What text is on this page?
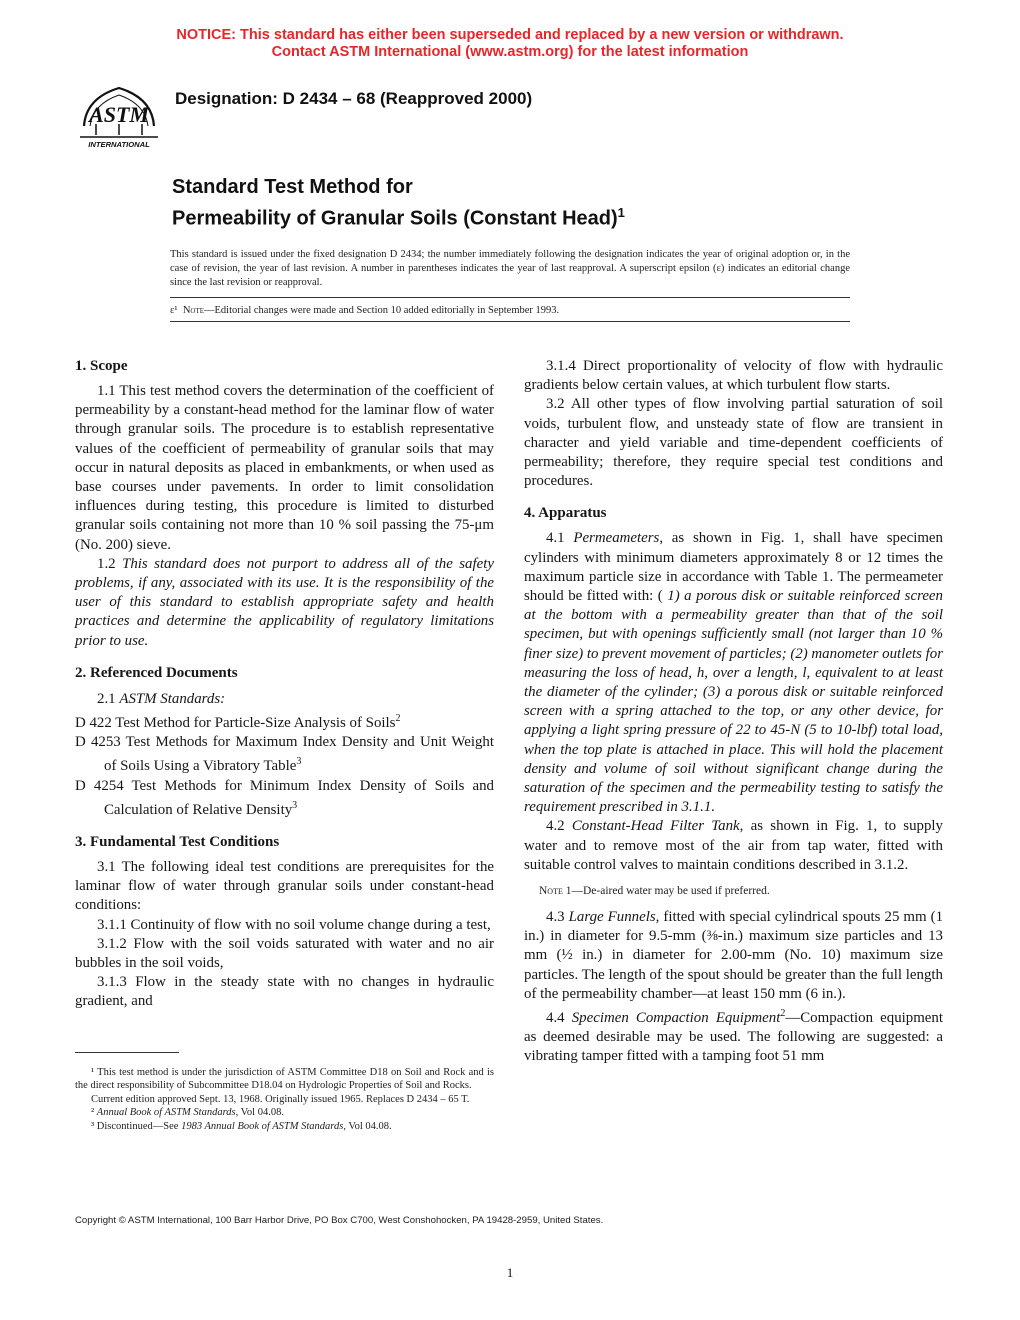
NOTICE: This standard has either been superseded and replaced by a new version or withdrawn.
Contact ASTM International (www.astm.org) for the latest information
ASTM
INTERNATIONAL
Designation: D 2434 – 68 (Reapproved 2000)
Standard Test Method for
Permeability of Granular Soils (Constant Head)$^1$
This standard is issued under the fixed designation D 2434; the number immediately following the designation indicates the year of original adoption or, in the case of revision, the year of last revision. A number in parentheses indicates the year of last reapproval. A superscript epsilon (ε) indicates an editorial change since the last revision or reapproval.
ε¹ Note—Editorial changes were made and Section 10 added editorially in September 1993.
1. Scope

1.1 This test method covers the determination of the coefficient of permeability by a constant-head method for the laminar flow of water through granular soils. The procedure is to establish representative values of the coefficient of permeability of granular soils that may occur in natural deposits as placed in embankments, or when used as base courses under pavements. In order to limit consolidation influences during testing, this procedure is limited to disturbed granular soils containing not more than 10 % soil passing the 75-μm (No. 200) sieve.

1.2 This standard does not purport to address all of the safety problems, if any, associated with its use. It is the responsibility of the user of this standard to establish appropriate safety and health practices and determine the applicability of regulatory limitations prior to use.

2. Referenced Documents

2.1 ASTM Standards:

D 422 Test Method for Particle-Size Analysis of Soils$^2$

D 4253 Test Methods for Maximum Index Density and Unit Weight of Soils Using a Vibratory Table$^3$

D 4254 Test Methods for Minimum Index Density of Soils and Calculation of Relative Density$^3$

3. Fundamental Test Conditions

3.1 The following ideal test conditions are prerequisites for the laminar flow of water through granular soils under constant-head conditions:

3.1.1 Continuity of flow with no soil volume change during a test,

3.1.2 Flow with the soil voids saturated with water and no air bubbles in the soil voids,

3.1.3 Flow in the steady state with no changes in hydraulic gradient, and

3.1.4 Direct proportionality of velocity of flow with hydraulic gradients below certain values, at which turbulent flow starts.

3.2 All other types of flow involving partial saturation of soil voids, turbulent flow, and unsteady state of flow are transient in character and yield variable and time-dependent coefficients of permeability; therefore, they require special test conditions and procedures.

4. Apparatus

4.1 Permeameters, as shown in Fig. 1, shall have specimen cylinders with minimum diameters approximately 8 or 12 times the maximum particle size in accordance with Table 1. The permeameter should be fitted with: ( 1) a porous disk or suitable reinforced screen at the bottom with a permeability greater than that of the soil specimen, but with openings sufficiently small (not larger than 10 % finer size) to prevent movement of particles; (2) manometer outlets for measuring the loss of head, h, over a length, l, equivalent to at least the diameter of the cylinder; (3) a porous disk or suitable reinforced screen with a spring attached to the top, or any other device, for applying a light spring pressure of 22 to 45-N (5 to 10-lbf) total load, when the top plate is attached in place. This will hold the placement density and volume of soil without significant change during the saturation of the specimen and the permeability testing to satisfy the requirement prescribed in 3.1.1.

4.2 Constant-Head Filter Tank, as shown in Fig. 1, to supply water and to remove most of the air from tap water, fitted with suitable control valves to maintain conditions described in 3.1.2.

Note 1—De-aired water may be used if preferred.

4.3 Large Funnels, fitted with special cylindrical spouts 25 mm (1 in.) in diameter for 9.5-mm (⅜-in.) maximum size particles and 13 mm (½ in.) in diameter for 2.00-mm (No. 10) maximum size particles. The length of the spout should be greater than the full length of the permeability chamber—at least 150 mm (6 in.).

4.4 Specimen Compaction Equipment$^2$—Compaction equipment as deemed desirable may be used. The following are suggested: a vibrating tamper fitted with a tamping foot 51 mm

¹ This test method is under the jurisdiction of ASTM Committee D18 on Soil and Rock and is the direct responsibility of Subcommittee D18.04 on Hydrologic Properties of Soil and Rocks.

Current edition approved Sept. 13, 1968. Originally issued 1965. Replaces D 2434 – 65 T.

² Annual Book of ASTM Standards, Vol 04.08.

³ Discontinued—See 1983 Annual Book of ASTM Standards, Vol 04.08.

Copyright © ASTM International, 100 Barr Harbor Drive, PO Box C700, West Conshohocken, PA 19428-2959, United States.
1
